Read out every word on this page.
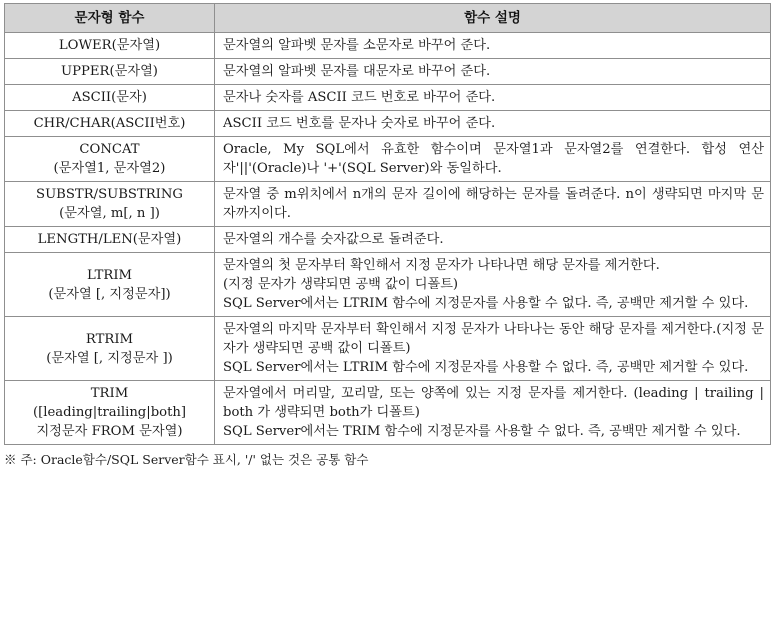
문자형 함수	함수 설명

LOWER(문자열)	문자열의 알파벳 문자를 소문자로 바꾸어 준다.

UPPER(문자열)	문자열의 알파벳 문자를 대문자로 바꾸어 준다.

ASCII(문자)	문자나 숫자를 ASCII 코드 번호로 바꾸어 준다.

CHR/CHAR(ASCII번호)	ASCII 코드 번호를 문자나 숫자로 바꾸어 준다.

CONCAT
(문자열1, 문자열2)	Oracle, My SQL에서 유효한 함수이며 문자열1과 문자열2를 연결한다. 합성 연산자'||'(Oracle)나 '+'(SQL Server)와 동일하다.

SUBSTR/SUBSTRING
(문자열, m[, n ])	문자열 중 m위치에서 n개의 문자 길이에 해당하는 문자를 돌려준다. n이 생략되면 마지막 문자까지이다.

LENGTH/LEN(문자열)	문자열의 개수를 숫자값으로 돌려준다.

LTRIM
(문자열 [, 지정문자])	문자열의 첫 문자부터 확인해서 지정 문자가 나타나면 해당 문자를 제거한다.
(지정 문자가 생략되면 공백 값이 디폴트)
SQL Server에서는 LTRIM 함수에 지정문자를 사용할 수 없다. 즉, 공백만 제거할 수 있다.

RTRIM
(문자열 [, 지정문자 ])	문자열의 마지막 문자부터 확인해서 지정 문자가 나타나는 동안 해당 문자를 제거한다.(지정 문자가 생략되면 공백 값이 디폴트)
SQL Server에서는 LTRIM 함수에 지정문자를 사용할 수 없다. 즉, 공백만 제거할 수 있다.

TRIM
([leading|trailing|both]
지정문자 FROM 문자열)	문자열에서 머리말, 꼬리말, 또는 양쪽에 있는 지정 문자를 제거한다. (leading | trailing | both 가 생략되면 both가 디폴트)
SQL Server에서는 TRIM 함수에 지정문자를 사용할 수 없다. 즉, 공백만 제거할 수 있다.
※ 주: Oracle함수/SQL Server함수 표시, '/' 없는 것은 공통 함수
